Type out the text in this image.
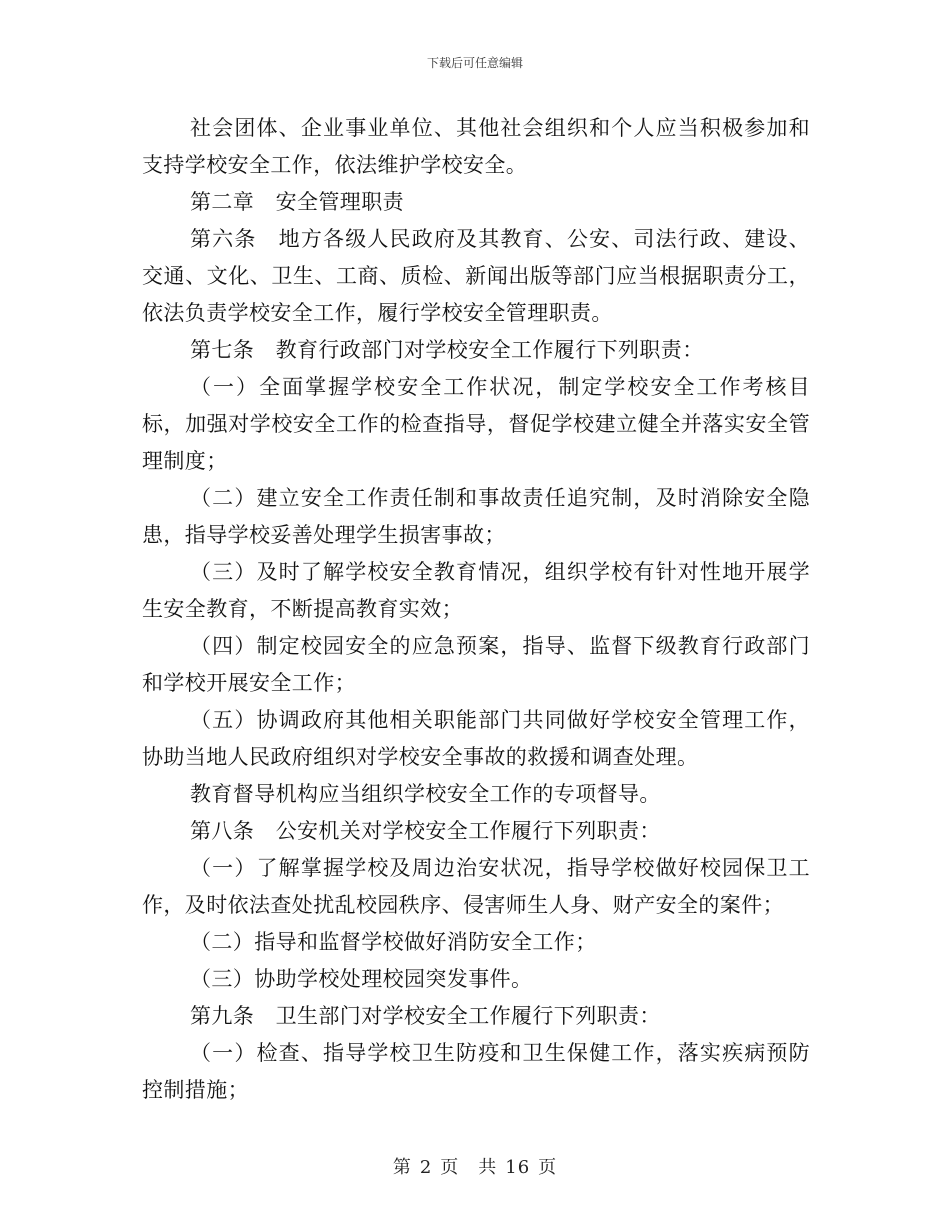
下载后可任意编辑

社会团体、企业事业单位、其他社会组织和个人应当积极参加和支持学校安全工作，依法维护学校安全。

第二章　安全管理职责

第六条　地方各级人民政府及其教育、公安、司法行政、建设、交通、文化、卫生、工商、质检、新闻出版等部门应当根据职责分工，依法负责学校安全工作，履行学校安全管理职责。

第七条　教育行政部门对学校安全工作履行下列职责：

（一）全面掌握学校安全工作状况，制定学校安全工作考核目标，加强对学校安全工作的检查指导，督促学校建立健全并落实安全管理制度；

（二）建立安全工作责任制和事故责任追究制，及时消除安全隐患，指导学校妥善处理学生损害事故；

（三）及时了解学校安全教育情况，组织学校有针对性地开展学生安全教育，不断提高教育实效；

（四）制定校园安全的应急预案，指导、监督下级教育行政部门和学校开展安全工作；

（五）协调政府其他相关职能部门共同做好学校安全管理工作，协助当地人民政府组织对学校安全事故的救援和调查处理。

教育督导机构应当组织学校安全工作的专项督导。

第八条　公安机关对学校安全工作履行下列职责：

（一）了解掌握学校及周边治安状况，指导学校做好校园保卫工作，及时依法查处扰乱校园秩序、侵害师生人身、财产安全的案件；

（二）指导和监督学校做好消防安全工作；

（三）协助学校处理校园突发事件。

第九条　卫生部门对学校安全工作履行下列职责：

（一）检查、指导学校卫生防疫和卫生保健工作，落实疾病预防控制措施；

第 2 页　共 16 页
